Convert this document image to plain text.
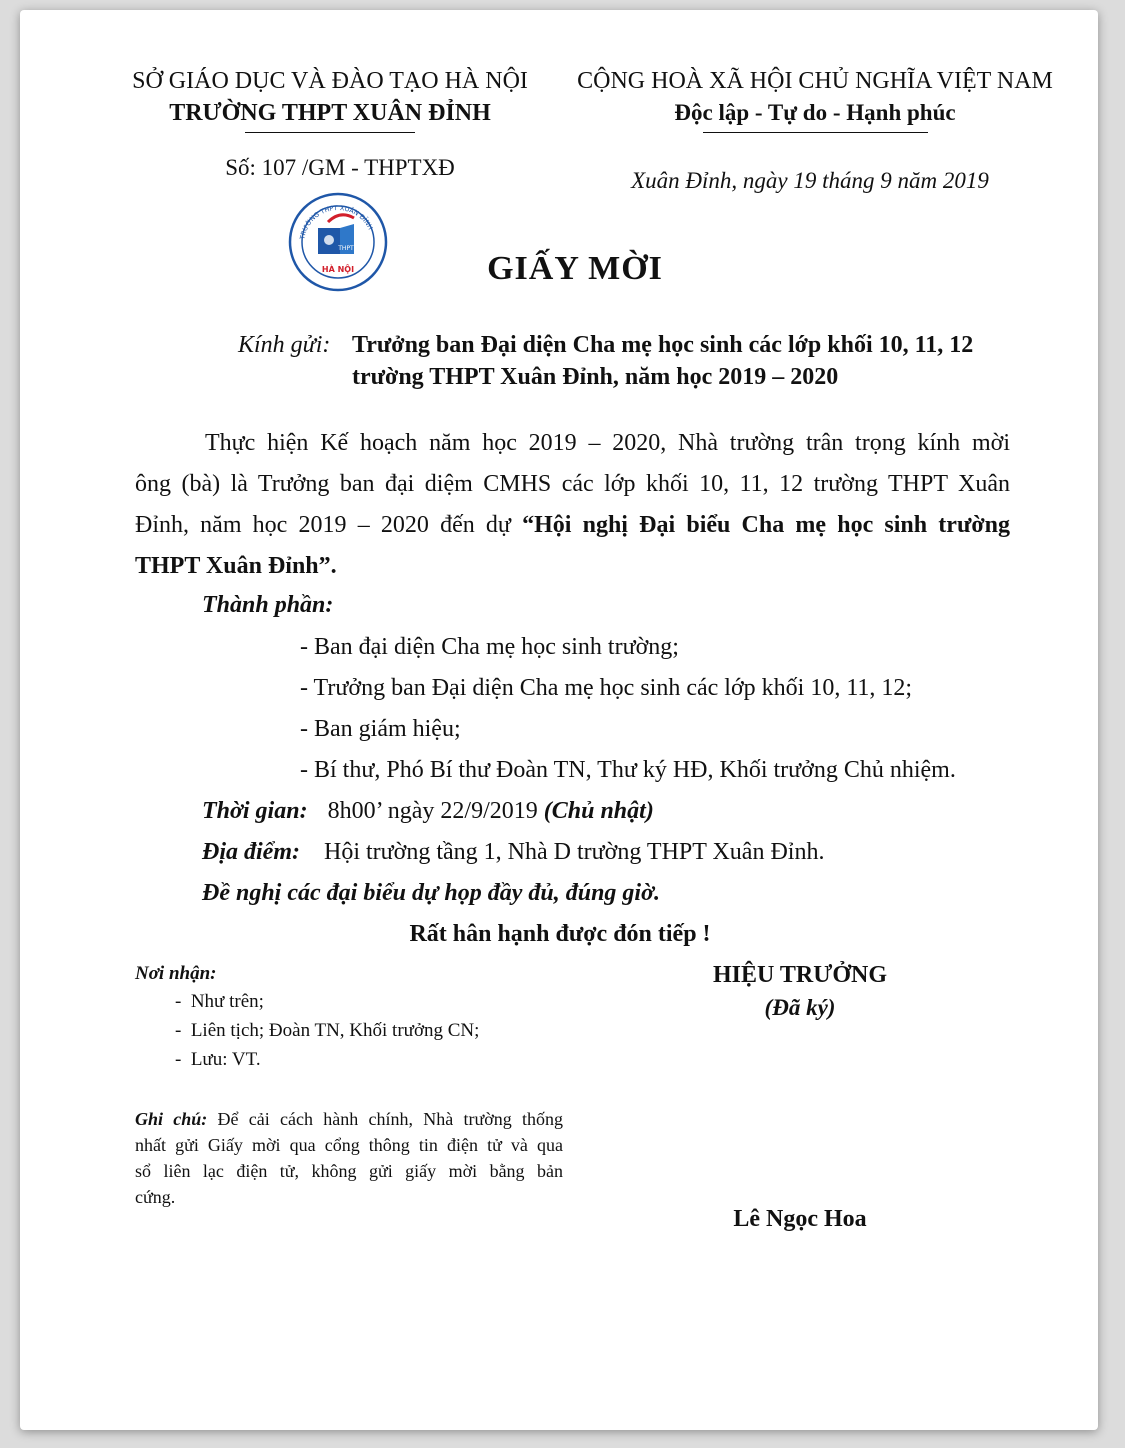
SỞ GIÁO DỤC VÀ ĐÀO TẠO HÀ NỘI
TRƯỜNG THPT XUÂN ĐỈNH
Số: 107 /GM - THPTXĐ
CỘNG HOÀ XÃ HỘI CHỦ NGHĨA VIỆT NAM
Độc lập - Tự do - Hạnh phúc
Xuân Đỉnh, ngày 19 tháng 9 năm 2019
TRƯỜNG THPT XUÂN ĐỈNH
THPT
HÀ NỘI	GIẤY MỜI
Kính gửi: Trưởng ban Đại diện Cha mẹ học sinh các lớp khối 10, 11, 12
trường THPT Xuân Đỉnh, năm học 2019 – 2020
Thực hiện Kế hoạch năm học 2019 – 2020, Nhà trường trân trọng kính mời
ông (bà) là Trưởng ban đại diệm CMHS các lớp khối 10, 11, 12 trường THPT Xuân
Đỉnh, năm học 2019 – 2020 đến dự “Hội nghị Đại biểu Cha mẹ học sinh trường
THPT Xuân Đỉnh”.
Thành phần:
- Ban đại diện Cha mẹ học sinh trường;
- Trưởng ban Đại diện Cha mẹ học sinh các lớp khối 10, 11, 12;
- Ban giám hiệu;
- Bí thư, Phó Bí thư Đoàn TN, Thư ký HĐ, Khối trưởng Chủ nhiệm.
Thời gian: 8h00’ ngày 22/9/2019 (Chủ nhật)
Địa điểm: Hội trường tầng 1, Nhà D trường THPT Xuân Đỉnh.
Đề nghị các đại biểu dự họp đầy đủ, đúng giờ.
Rất hân hạnh được đón tiếp !
Nơi nhận:
-  Như trên;
-  Liên tịch; Đoàn TN, Khối trưởng CN;
-  Lưu: VT.
Ghi chú: Để cải cách hành chính, Nhà trường thống
nhất gửi Giấy mời qua cổng thông tin điện tử và qua
sổ liên lạc điện tử, không gửi giấy mời bằng bản
cứng.
HIỆU TRƯỞNG
(Đã ký)
Lê Ngọc Hoa
